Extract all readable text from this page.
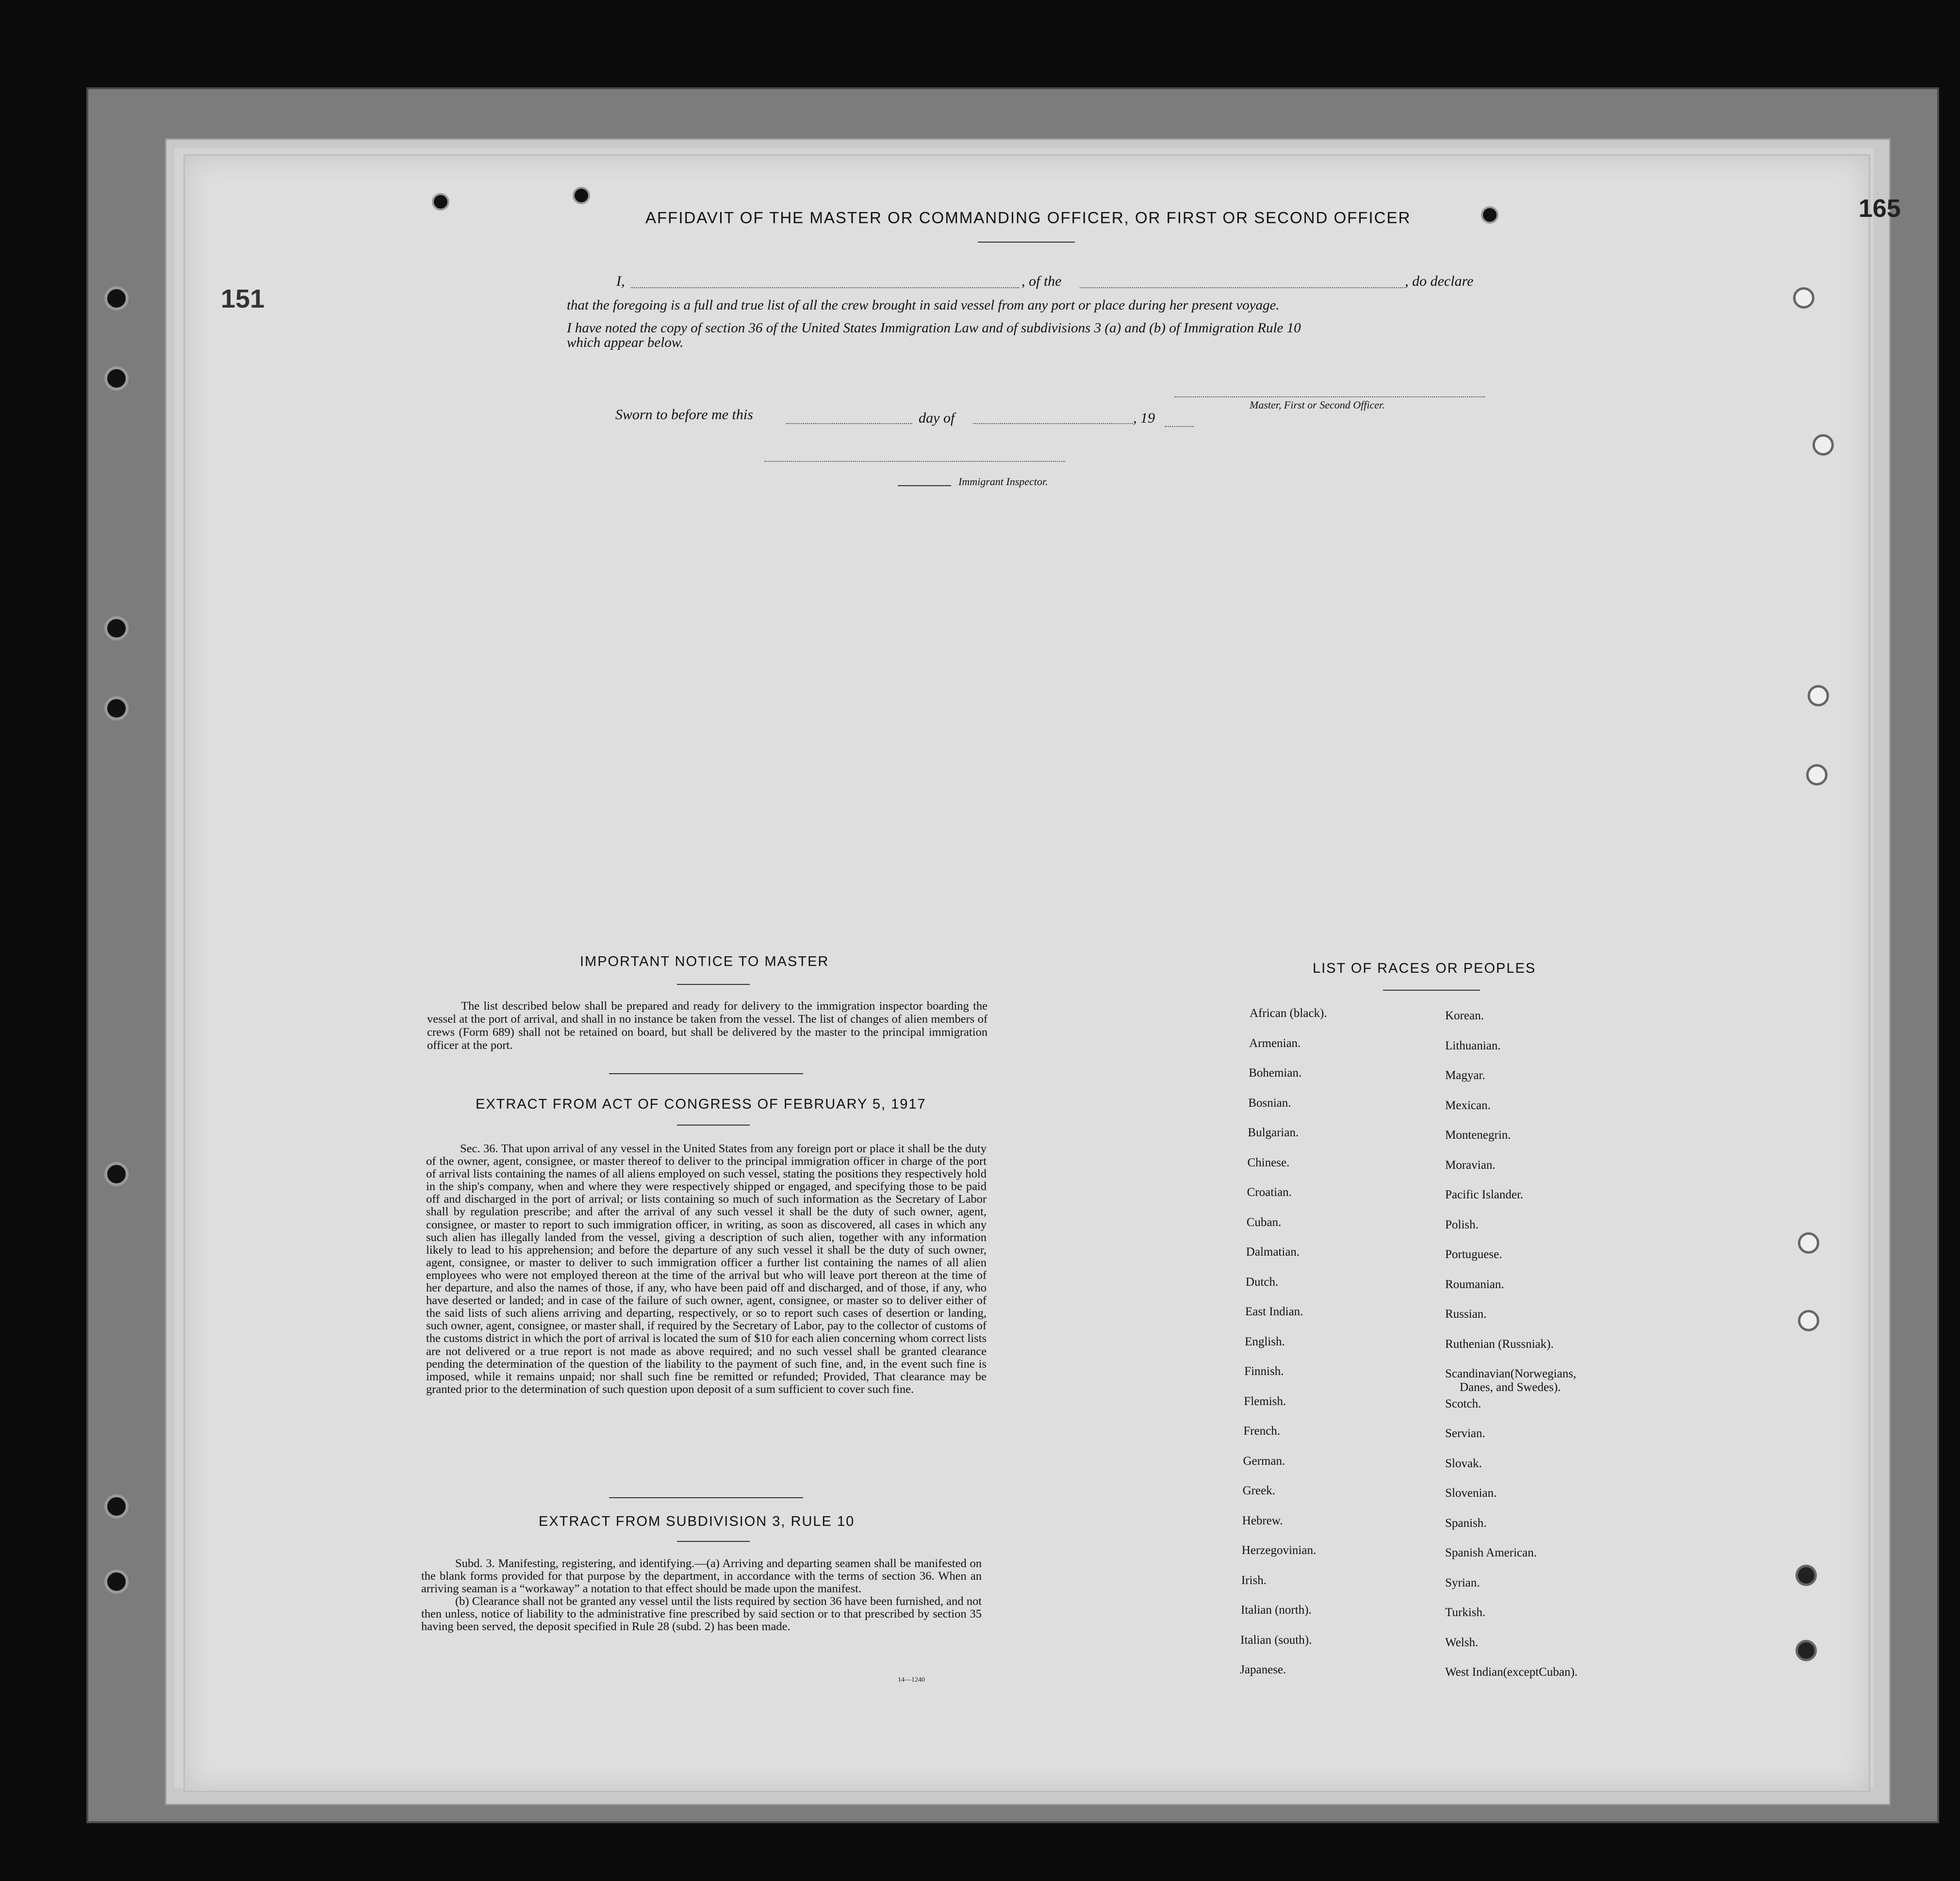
165
151
AFFIDAVIT OF THE MASTER OR COMMANDING OFFICER, OR FIRST OR SECOND OFFICER
I,	, of the	, do declare
that the foregoing is a full and true list of all the crew brought in said vessel from any port or place during her present voyage.
I have noted the copy of section 36 of the United States Immigration Law and of subdivisions 3 (a) and (b) of Immigration Rule 10
which appear below.
Master, First or Second Officer.
Sworn to before me this	day of	, 19
Immigrant Inspector.
IMPORTANT NOTICE TO MASTER

The list described below shall be prepared and ready for delivery to the immigration inspector boarding the vessel at the port of arrival, and shall in no instance be taken from the vessel. The list of changes of alien members of crews (Form 689) shall not be retained on board, but shall be delivered by the master to the principal immigration officer at the port.

EXTRACT FROM ACT OF CONGRESS OF FEBRUARY 5, 1917

Sec. 36. That upon arrival of any vessel in the United States from any foreign port or place it shall be the duty of the owner, agent, consignee, or master thereof to deliver to the principal immigration officer in charge of the port of arrival lists containing the names of all aliens employed on such vessel, stating the positions they respectively hold in the ship's company, when and where they were respectively shipped or engaged, and specifying those to be paid off and discharged in the port of arrival; or lists containing so much of such information as the Secretary of Labor shall by regulation prescribe; and after the arrival of any such vessel it shall be the duty of such owner, agent, consignee, or master to report to such immigration officer, in writing, as soon as discovered, all cases in which any such alien has illegally landed from the vessel, giving a description of such alien, together with any information likely to lead to his apprehension; and before the departure of any such vessel it shall be the duty of such owner, agent, consignee, or master to deliver to such immigration officer a further list containing the names of all alien employees who were not employed thereon at the time of the arrival but who will leave port thereon at the time of her departure, and also the names of those, if any, who have been paid off and discharged, and of those, if any, who have deserted or landed; and in case of the failure of such owner, agent, consignee, or master so to deliver either of the said lists of such aliens arriving and departing, respectively, or so to report such cases of desertion or landing, such owner, agent, consignee, or master shall, if required by the Secretary of Labor, pay to the collector of customs of the customs district in which the port of arrival is located the sum of $10 for each alien concerning whom correct lists are not delivered or a true report is not made as above required; and no such vessel shall be granted clearance pending the determination of the question of the liability to the payment of such fine, and, in the event such fine is imposed, while it remains unpaid; nor shall such fine be remitted or refunded; Provided, That clearance may be granted prior to the determination of such question upon deposit of a sum sufficient to cover such fine.

EXTRACT FROM SUBDIVISION 3, RULE 10

Subd. 3. Manifesting, registering, and identifying.—(a) Arriving and departing seamen shall be manifested on the blank forms provided for that purpose by the department, in accordance with the terms of section 36. When an arriving seaman is a “workaway” a notation to that effect should be made upon the manifest.

(b) Clearance shall not be granted any vessel until the lists required by section 36 have been furnished, and not then unless, notice of liability to the administrative fine prescribed by said section or to that prescribed by section 35 having been served, the deposit specified in Rule 28 (subd. 2) has been made.

14—1240
LIST OF RACES OR PEOPLES
African (black).
Armenian.
Bohemian.
Bosnian.
Bulgarian.
Chinese.
Croatian.
Cuban.
Dalmatian.
Dutch.
East Indian.
English.
Finnish.
Flemish.
French.
German.
Greek.
Hebrew.
Herzegovinian.
Irish.
Italian (north).
Italian (south).
Japanese.
Korean.
Lithuanian.
Magyar.
Mexican.
Montenegrin.
Moravian.
Pacific Islander.
Polish.
Portuguese.
Roumanian.
Russian.
Ruthenian (Russniak).
Scandinavian(Norwegians,
Danes, and Swedes).
Scotch.
Servian.
Slovak.
Slovenian.
Spanish.
Spanish American.
Syrian.
Turkish.
Welsh.
West Indian(exceptCuban).
